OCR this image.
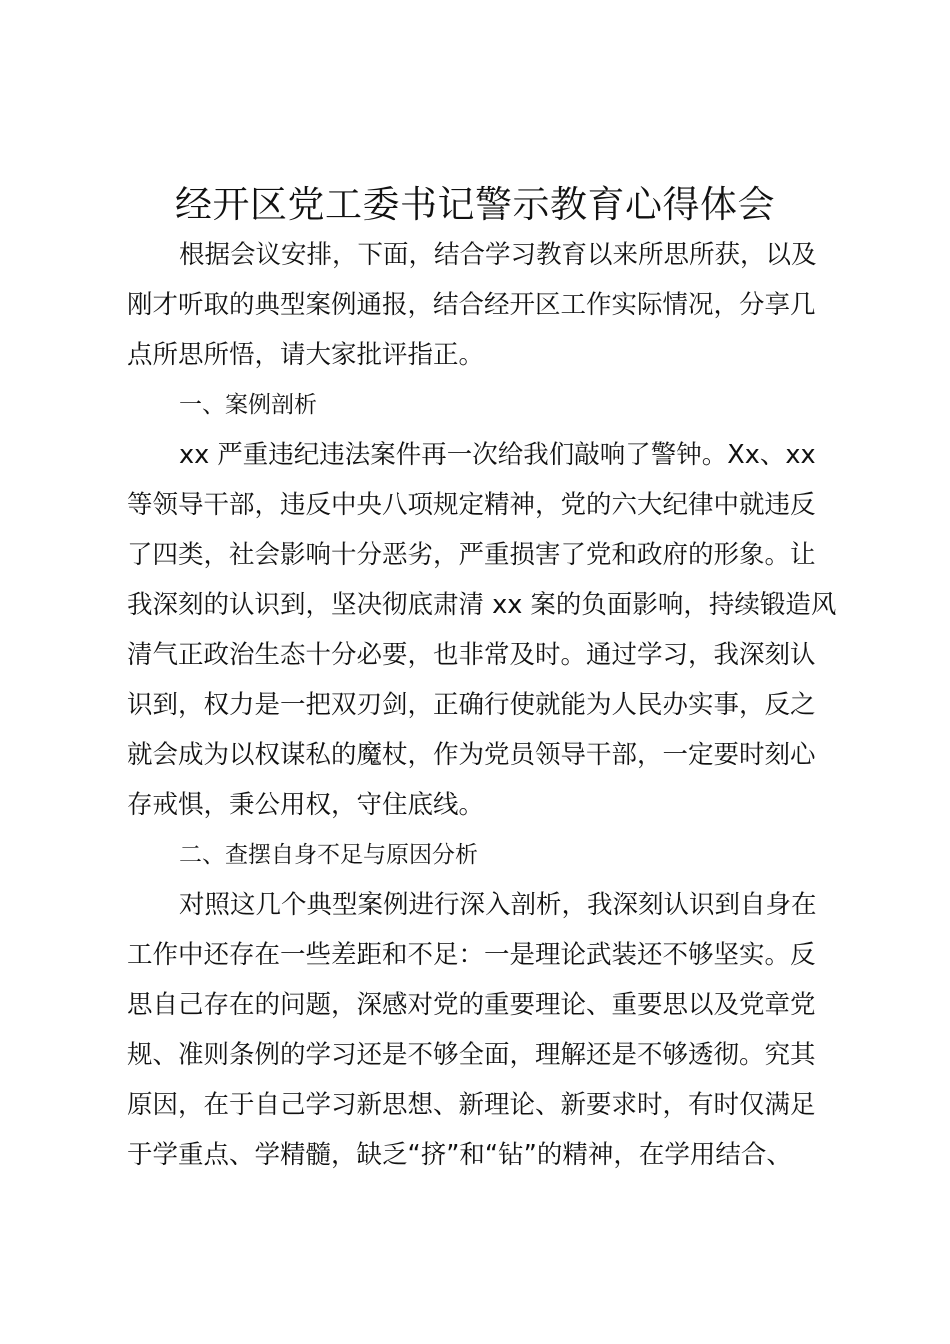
经开区党工委书记警示教育心得体会
根据会议安排，下面，结合学习教育以来所思所获，以及
刚才听取的典型案例通报，结合经开区工作实际情况，分享几
点所思所悟，请大家批评指正。
一、案例剖析
xx 严重违纪违法案件再一次给我们敲响了警钟。Xx、xx
等领导干部，违反中央八项规定精神，党的六大纪律中就违反
了四类，社会影响十分恶劣，严重损害了党和政府的形象。让
我深刻的认识到，坚决彻底肃清 xx 案的负面影响，持续锻造风
清气正政治生态十分必要，也非常及时。通过学习，我深刻认
识到，权力是一把双刃剑，正确行使就能为人民办实事，反之
就会成为以权谋私的魔杖，作为党员领导干部，一定要时刻心
存戒惧，秉公用权，守住底线。
二、查摆自身不足与原因分析
对照这几个典型案例进行深入剖析，我深刻认识到自身在
工作中还存在一些差距和不足：一是理论武装还不够坚实。反
思自己存在的问题，深感对党的重要理论、重要思以及党章党
规、准则条例的学习还是不够全面，理解还是不够透彻。究其
原因，在于自己学习新思想、新理论、新要求时，有时仅满足
于学重点、学精髓，缺乏“挤”和“钻”的精神，在学用结合、
